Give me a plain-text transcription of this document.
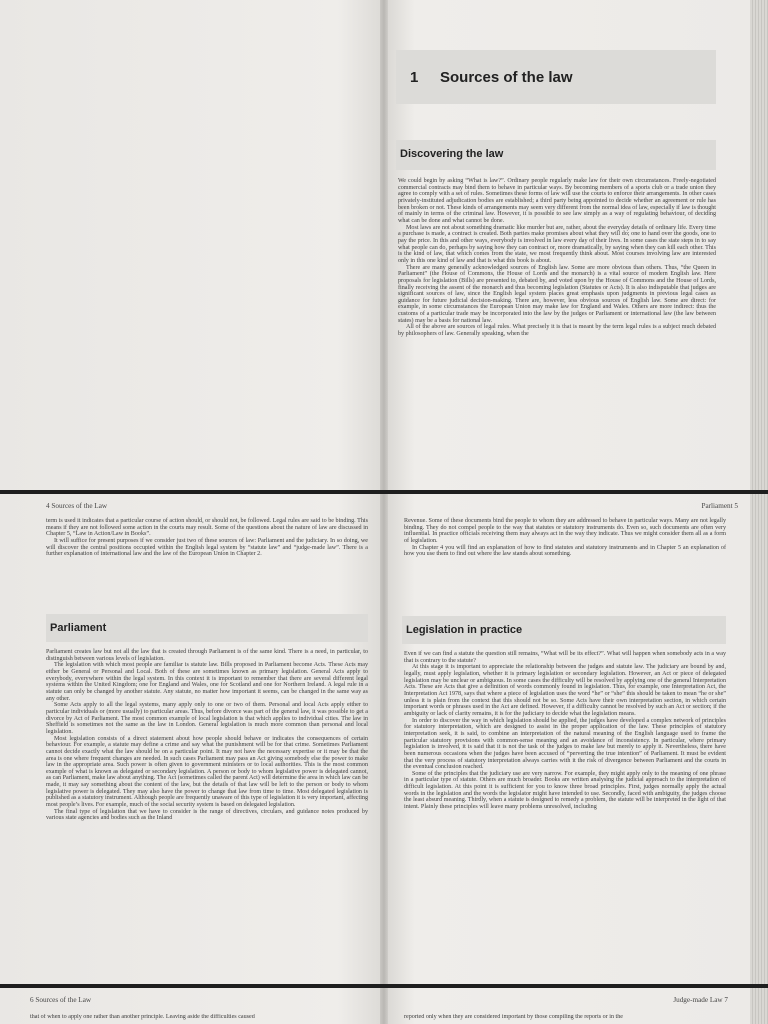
1 Sources of the law
Discovering the law

We could begin by asking “What is law?”. Ordinary people regularly make law for their own circumstances. Freely-negotiated commercial contracts may bind them to behave in particular ways. By becoming members of a sports club or a trade union they agree to comply with a set of rules. Sometimes these forms of law will use the courts to enforce their arrangements. In other cases privately-instituted adjudication bodies are established; a third party being appointed to decide whether an agreement or rule has been broken or not. These kinds of arrangements may seem very different from the normal idea of law, especially if law is thought of mainly in terms of the criminal law. However, it is possible to see law simply as a way of regulating behaviour, of deciding what can be done and what cannot be done.

Most laws are not about something dramatic like murder but are, rather, about the everyday details of ordinary life. Every time a purchase is made, a contract is created. Both parties make promises about what they will do; one to hand over the goods, one to pay the price. In this and other ways, everybody is involved in law every day of their lives. In some cases the state steps in to say what people can do, perhaps by saying how they can contract or, more dramatically, by saying when they can kill each other. This is the kind of law, that which comes from the state, we most frequently think about. Most courses involving law are interested only in this one kind of law and that is what this book is about.

There are many generally acknowledged sources of English law. Some are more obvious than others. Thus, “the Queen in Parliament” (the House of Commons, the House of Lords and the monarch) is a vital source of modern English law. Here proposals for legislation (Bills) are presented to, debated by, and voted upon by the House of Commons and the House of Lords, finally receiving the assent of the monarch and thus becoming legislation (Statutes or Acts). It is also indisputable that judges are significant sources of law, since the English legal system places great emphasis upon judgments in previous legal cases as guidance for future judicial decision-making. There are, however, less obvious sources of English law. Some are direct: for example, in some circumstances the European Union may make law for England and Wales. Others are more indirect: thus the customs of a particular trade may be incorporated into the law by the judges or Parliament or international law (the law between states) may be a basis for national law.

All of the above are sources of legal rules. What precisely it is that is meant by the term legal rules is a subject much debated by philosophers of law. Generally speaking, when the

4 Sources of the Law

term is used it indicates that a particular course of action should, or should not, be followed. Legal rules are said to be binding. This means if they are not followed some action in the courts may result. Some of the questions about the nature of law are discussed in Chapter 5, “Law in Action/Law in Books”.

It will suffice for present purposes if we consider just two of these sources of law: Parliament and the judiciary. In so doing, we will discover the central positions occupied within the English legal system by “statute law” and “judge-made law”. There is a further explanation of international law and the law of the European Union in Chapter 2.

Parliament

Parliament creates law but not all the law that is created through Parliament is of the same kind. There is a need, in particular, to distinguish between various levels of legislation.

The legislation with which most people are familiar is statute law. Bills proposed in Parliament become Acts. These Acts may either be General or Personal and Local. Both of these are sometimes known as primary legislation. General Acts apply to everybody, everywhere within the legal system. In this context it is important to remember that there are several different legal systems within the United Kingdom; one for England and Wales, one for Scotland and one for Northern Ireland. A legal rule in a statute can only be changed by another statute. Any statute, no matter how important it seems, can be changed in the same way as any other.

Some Acts apply to all the legal systems, many apply only to one or two of them. Personal and local Acts apply either to particular individuals or (more usually) to particular areas. Thus, before divorce was part of the general law, it was possible to get a divorce by Act of Parliament. The most common example of local legislation is that which applies to individual cities. The law in Sheffield is sometimes not the same as the law in London. General legislation is much more common than personal and local legislation.

Most legislation consists of a direct statement about how people should behave or indicates the consequences of certain behaviour. For example, a statute may define a crime and say what the punishment will be for that crime. Sometimes Parliament cannot decide exactly what the law should be on a particular point. It may not have the necessary expertise or it may be that the area is one where frequent changes are needed. In such cases Parliament may pass an Act giving somebody else the power to make law in the appropriate area. Such power is often given to government ministers or to local authorities. This is the most common example of what is known as delegated or secondary legislation. A person or body to whom legislative power is delegated cannot, as can Parliament, make law about anything. The Act (sometimes called the parent Act) will determine the area in which law can be made, it may say something about the content of the law, but the details of that law will be left to the person or body to whom legislative power is delegated. They may also have the power to change that law from time to time. Most delegated legislation is published as a statutory instrument. Although people are frequently unaware of this type of legislation it is very important, affecting most people’s lives. For example, much of the social security system is based on delegated legislation.

The final type of legislation that we have to consider is the range of directives, circulars, and guidance notes produced by various state agencies and bodies such as the Inland

Parliament 5

Revenue. Some of these documents bind the people to whom they are addressed to behave in particular ways. Many are not legally binding. They do not compel people to the way that statutes or statutory instruments do. Even so, such documents are often very influential. In practice officials receiving them may always act in the way they indicate. Thus we might consider them all as a form of legislation.

In Chapter 4 you will find an explanation of how to find statutes and statutory instruments and in Chapter 5 an explanation of how you use them to find out where the law stands about something.

Legislation in practice

Even if we can find a statute the question still remains, “What will be its effect?”. What will happen when somebody acts in a way that is contrary to the statute?

At this stage it is important to appreciate the relationship between the judges and statute law. The judiciary are bound by and, legally, must apply legislation, whether it is primary legislation or secondary legislation. However, an Act or piece of delegated legislation may be unclear or ambiguous. In some cases the difficulty will be resolved by applying one of the general Interpretation Acts. These are Acts that give a definition of words commonly found in legislation. Thus, for example, one Interpretation Act, the Interpretation Act 1978, says that where a piece of legislation uses the word “he” or “she” this should be taken to mean “he or she” unless it is plain from the context that this should not be so. Some Acts have their own interpretation section, in which certain important words or phrases used in the Act are defined. However, if a difficulty cannot be resolved by such an Act or section; if the ambiguity or lack of clarity remains, it is for the judiciary to decide what the legislation means.

In order to discover the way in which legislation should be applied, the judges have developed a complex network of principles for statutory interpretation, which are designed to assist in the proper application of the law. These principles of statutory interpretation seek, it is said, to combine an interpretation of the natural meaning of the English language used to frame the particular statutory provisions with common-sense meaning and an avoidance of inconsistency. In particular, where primary legislation is involved, it is said that it is not the task of the judges to make law but merely to apply it. Nevertheless, there have been numerous occasions when the judges have been accused of “perverting the true intention” of Parliament. It must be evident that the very process of statutory interpretation always carries with it the risk of divergence between Parliament and the courts in the eventual conclusion reached.

Some of the principles that the judiciary use are very narrow. For example, they might apply only to the meaning of one phrase in a particular type of statute. Others are much broader. Books are written analysing the judicial approach to the interpretation of difficult legislation. At this point it is sufficient for you to know three broad principles. First, judges normally apply the actual words in the legislation and the words the legislator might have intended to use. Secondly, faced with ambiguity, the judges choose the least absurd meaning. Thirdly, when a statute is designed to remedy a problem, the statute will be interpreted in the light of that intent. Plainly these principles will leave many problems unresolved, including

6 Sources of the Law
that of when to apply one rather than another principle. Leaving aside the difficulties caused
Judge-made Law 7
reported only when they are considered important by those compiling the reports or in the
